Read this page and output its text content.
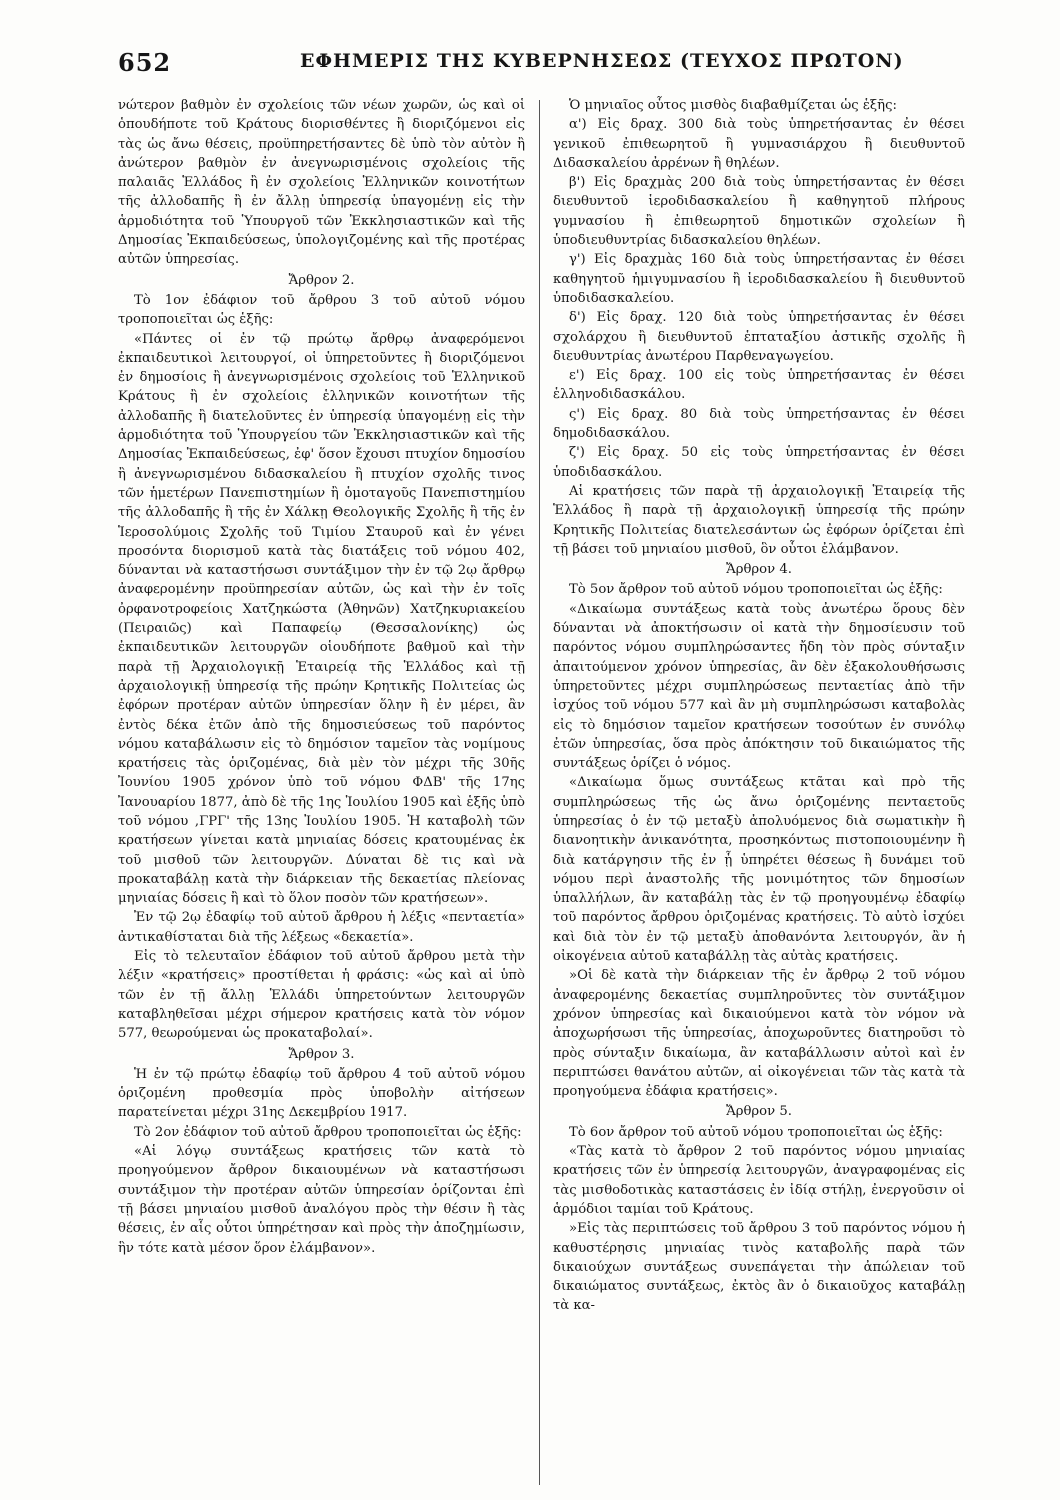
652	ΕΦΗΜΕΡΙΣ ΤΗΣ ΚΥΒΕΡΝΗΣΕΩΣ (ΤΕΥΧΟΣ ΠΡΩΤΟΝ)

νώτερον βαθμὸν ἐν σχολείοις τῶν νέων χωρῶν, ὡς καὶ οἱ ὁπουδήποτε τοῦ Κράτους διορισθέντες ἢ διοριζόμενοι εἰς τὰς ὡς ἄνω θέσεις, προϋπηρετήσαντες δὲ ὑπὸ τὸν αὐτὸν ἢ ἀνώτερον βαθμὸν ἐν ἀνεγνωρισμένοις σχολείοις τῆς παλαιᾶς Ἑλλάδος ἢ ἐν σχολείοις Ἑλληνικῶν κοινοτήτων τῆς ἀλλοδαπῆς ἢ ἐν ἄλλῃ ὑπηρεσίᾳ ὑπαγομένῃ εἰς τὴν ἁρμοδιότητα τοῦ Ὑπουργοῦ τῶν Ἐκκλησιαστικῶν καὶ τῆς Δημοσίας Ἐκπαιδεύσεως, ὑπολογιζομένης καὶ τῆς προτέρας αὐτῶν ὑπηρεσίας.

Ἄρθρον 2.

Τὸ 1ον ἐδάφιον τοῦ ἄρθρου 3 τοῦ αὐτοῦ νόμου τροποποιεῖται ὡς ἑξῆς:

«Πάντες οἱ ἐν τῷ πρώτῳ ἄρθρῳ ἀναφερόμενοι ἐκπαιδευτικοὶ λειτουργοί, οἱ ὑπηρετοῦντες ἢ διοριζόμενοι ἐν δημοσίοις ἢ ἀνεγνωρισμένοις σχολείοις τοῦ Ἑλληνικοῦ Κράτους ἢ ἐν σχολείοις ἑλληνικῶν κοινοτήτων τῆς ἀλλοδαπῆς ἢ διατελοῦντες ἐν ὑπηρεσίᾳ ὑπαγομένῃ εἰς τὴν ἁρμοδιότητα τοῦ Ὑπουργείου τῶν Ἐκκλησιαστικῶν καὶ τῆς Δημοσίας Ἐκπαιδεύσεως, ἐφ' ὅσον ἔχουσι πτυχίον δημοσίου ἢ ἀνεγνωρισμένου διδασκαλείου ἢ πτυχίον σχολῆς τινος τῶν ἡμετέρων Πανεπιστημίων ἢ ὁμοταγοῦς Πανεπιστημίου τῆς ἀλλοδαπῆς ἢ τῆς ἐν Χάλκῃ Θεολογικῆς Σχολῆς ἢ τῆς ἐν Ἱεροσολύμοις Σχολῆς τοῦ Τιμίου Σταυροῦ καὶ ἐν γένει προσόντα διορισμοῦ κατὰ τὰς διατάξεις τοῦ νόμου 402, δύνανται νὰ καταστήσωσι συντάξιμον τὴν ἐν τῷ 2ῳ ἄρθρῳ ἀναφερομένην προϋπηρεσίαν αὐτῶν, ὡς καὶ τὴν ἐν τοῖς ὀρφανοτροφείοις Χατζηκώστα (Ἀθηνῶν) Χατζηκυριακείου (Πειραιῶς) καὶ Παπαφείῳ (Θεσσαλονίκης) ὡς ἐκπαιδευτικῶν λειτουργῶν οἱουδήποτε βαθμοῦ καὶ τὴν παρὰ τῇ Ἀρχαιολογικῇ Ἑταιρείᾳ τῆς Ἑλλάδος καὶ τῇ ἀρχαιολογικῇ ὑπηρεσίᾳ τῆς πρώην Κρητικῆς Πολιτείας ὡς ἐφόρων προτέραν αὐτῶν ὑπηρεσίαν ὅλην ἢ ἐν μέρει, ἂν ἐντὸς δέκα ἐτῶν ἀπὸ τῆς δημοσιεύσεως τοῦ παρόντος νόμου καταβάλωσιν εἰς τὸ δημόσιον ταμεῖον τὰς νομίμους κρατήσεις τὰς ὁριζομένας, διὰ μὲν τὸν μέχρι τῆς 30ῆς Ἰουνίου 1905 χρόνον ὑπὸ τοῦ νόμου ΦΔΒ' τῆς 17ης Ἰανουαρίου 1877, ἀπὸ δὲ τῆς 1ης Ἰουλίου 1905 καὶ ἑξῆς ὑπὸ τοῦ νόμου ,ΓΡΓ' τῆς 13ης Ἰουλίου 1905. Ἡ καταβολὴ τῶν κρατήσεων γίνεται κατὰ μηνιαίας δόσεις κρατουμένας ἐκ τοῦ μισθοῦ τῶν λειτουργῶν. Δύναται δὲ τις καὶ νὰ προκαταβάλῃ κατὰ τὴν διάρκειαν τῆς δεκαετίας πλείονας μηνιαίας δόσεις ἢ καὶ τὸ ὅλον ποσὸν τῶν κρατήσεων».

Ἐν τῷ 2ῳ ἐδαφίῳ τοῦ αὐτοῦ ἄρθρου ἡ λέξις «πενταετία» ἀντικαθίσταται διὰ τῆς λέξεως «δεκαετία».

Εἰς τὸ τελευταῖον ἐδάφιον τοῦ αὐτοῦ ἄρθρου μετὰ τὴν λέξιν «κρατήσεις» προστίθεται ἡ φράσις: «ὡς καὶ αἱ ὑπὸ τῶν ἐν τῇ ἄλλῃ Ἑλλάδι ὑπηρετούντων λειτουργῶν καταβληθεῖσαι μέχρι σήμερον κρατήσεις κατὰ τὸν νόμον 577, θεωρούμεναι ὡς προκαταβολαί».

Ἄρθρον 3.

Ἡ ἐν τῷ πρώτῳ ἐδαφίῳ τοῦ ἄρθρου 4 τοῦ αὐτοῦ νόμου ὁριζομένη προθεσμία πρὸς ὑποβολὴν αἰτήσεων παρατείνεται μέχρι 31ης Δεκεμβρίου 1917.

Τὸ 2ον ἐδάφιον τοῦ αὐτοῦ ἄρθρου τροποποιεῖται ὡς ἑξῆς:

«Αἱ λόγῳ συντάξεως κρατήσεις τῶν κατὰ τὸ προηγούμενον ἄρθρον δικαιουμένων νὰ καταστήσωσι συντάξιμον τὴν προτέραν αὐτῶν ὑπηρεσίαν ὁρίζονται ἐπὶ τῇ βάσει μηνιαίου μισθοῦ ἀναλόγου πρὸς τὴν θέσιν ἢ τὰς θέσεις, ἐν αἷς οὗτοι ὑπηρέτησαν καὶ πρὸς τὴν ἀποζημίωσιν, ἣν τότε κατὰ μέσον ὅρον ἐλάμβανον».

Ὁ μηνιαῖος οὗτος μισθὸς διαβαθμίζεται ὡς ἑξῆς:

α') Εἰς δραχ. 300 διὰ τοὺς ὑπηρετήσαντας ἐν θέσει γενικοῦ ἐπιθεωρητοῦ ἢ γυμνασιάρχου ἢ διευθυντοῦ Διδασκαλείου ἀρρένων ἢ θηλέων.

β') Εἰς δραχμὰς 200 διὰ τοὺς ὑπηρετήσαντας ἐν θέσει διευθυντοῦ ἱεροδιδασκαλείου ἢ καθηγητοῦ πλήρους γυμνασίου ἢ ἐπιθεωρητοῦ δημοτικῶν σχολείων ἢ ὑποδιευθυντρίας διδασκαλείου θηλέων.

γ') Εἰς δραχμὰς 160 διὰ τοὺς ὑπηρετήσαντας ἐν θέσει καθηγητοῦ ἡμιγυμνασίου ἢ ἱεροδιδασκαλείου ἢ διευθυντοῦ ὑποδιδασκαλείου.

δ') Εἰς δραχ. 120 διὰ τοὺς ὑπηρετήσαντας ἐν θέσει σχολάρχου ἢ διευθυντοῦ ἑπταταξίου ἀστικῆς σχολῆς ἢ διευθυντρίας ἀνωτέρου Παρθεναγωγείου.

ε') Εἰς δραχ. 100 εἰς τοὺς ὑπηρετήσαντας ἐν θέσει ἑλληνοδιδασκάλου.

ς') Εἰς δραχ. 80 διὰ τοὺς ὑπηρετήσαντας ἐν θέσει δημοδιδασκάλου.

ζ') Εἰς δραχ. 50 εἰς τοὺς ὑπηρετήσαντας ἐν θέσει ὑποδιδασκάλου.

Αἱ κρατήσεις τῶν παρὰ τῇ ἀρχαιολογικῇ Ἑταιρείᾳ τῆς Ἑλλάδος ἢ παρὰ τῇ ἀρχαιολογικῇ ὑπηρεσίᾳ τῆς πρώην Κρητικῆς Πολιτείας διατελεσάντων ὡς ἐφόρων ὁρίζεται ἐπὶ τῇ βάσει τοῦ μηνιαίου μισθοῦ, ὃν οὗτοι ἐλάμβανον.

Ἄρθρον 4.

Τὸ 5ον ἄρθρον τοῦ αὐτοῦ νόμου τροποποιεῖται ὡς ἑξῆς:

«Δικαίωμα συντάξεως κατὰ τοὺς ἀνωτέρω ὅρους δὲν δύνανται νὰ ἀποκτήσωσιν οἱ κατὰ τὴν δημοσίευσιν τοῦ παρόντος νόμου συμπληρώσαντες ἤδη τὸν πρὸς σύνταξιν ἀπαιτούμενον χρόνον ὑπηρεσίας, ἂν δὲν ἐξακολουθήσωσις ὑπηρετοῦντες μέχρι συμπληρώσεως πενταετίας ἀπὸ τῆν ἰσχύος τοῦ νόμου 577 καὶ ἂν μὴ συμπληρώσωσι καταβολὰς εἰς τὸ δημόσιον ταμεῖον κρατήσεων τοσούτων ἐν συνόλῳ ἐτῶν ὑπηρεσίας, ὅσα πρὸς ἀπόκτησιν τοῦ δικαιώματος τῆς συντάξεως ὁρίζει ὁ νόμος.

«Δικαίωμα ὅμως συντάξεως κτᾶται καὶ πρὸ τῆς συμπληρώσεως τῆς ὡς ἄνω ὁριζομένης πενταετοῦς ὑπηρεσίας ὁ ἐν τῷ μεταξὺ ἀπολυόμενος διὰ σωματικὴν ἢ διανοητικὴν ἀνικανότητα, προσηκόντως πιστοποιουμένην ἢ διὰ κατάργησιν τῆς ἐν ᾗ ὑπηρέτει θέσεως ἢ δυνάμει τοῦ νόμου περὶ ἀναστολῆς τῆς μονιμότητος τῶν δημοσίων ὑπαλλήλων, ἂν καταβάλῃ τὰς ἐν τῷ προηγουμένῳ ἐδαφίῳ τοῦ παρόντος ἄρθρου ὁριζομένας κρατήσεις. Τὸ αὐτὸ ἰσχύει καὶ διὰ τὸν ἐν τῷ μεταξὺ ἀποθανόντα λειτουργόν, ἂν ἡ οἰκογένεια αὐτοῦ καταβάλλῃ τὰς αὐτὰς κρατήσεις.

»Οἱ δὲ κατὰ τὴν διάρκειαν τῆς ἐν ἄρθρῳ 2 τοῦ νόμου ἀναφερομένης δεκαετίας συμπληροῦντες τὸν συντάξιμον χρόνον ὑπηρεσίας καὶ δικαιούμενοι κατὰ τὸν νόμον νὰ ἀποχωρήσωσι τῆς ὑπηρεσίας, ἀποχωροῦντες διατηροῦσι τὸ πρὸς σύνταξιν δικαίωμα, ἂν καταβάλλωσιν αὐτοὶ καὶ ἐν περιπτώσει θανάτου αὐτῶν, αἱ οἰκογένειαι τῶν τὰς κατὰ τὰ προηγούμενα ἐδάφια κρατήσεις».

Ἄρθρον 5.

Τὸ 6ον ἄρθρον τοῦ αὐτοῦ νόμου τροποποιεῖται ὡς ἑξῆς:

«Τὰς κατὰ τὸ ἄρθρον 2 τοῦ παρόντος νόμου μηνιαίας κρατήσεις τῶν ἐν ὑπηρεσίᾳ λειτουργῶν, ἀναγραφομένας εἰς τὰς μισθοδοτικὰς καταστάσεις ἐν ἰδίᾳ στήλῃ, ἐνεργοῦσιν οἱ ἁρμόδιοι ταμίαι τοῦ Κράτους.

»Εἰς τὰς περιπτώσεις τοῦ ἄρθρου 3 τοῦ παρόντος νόμου ἡ καθυστέρησις μηνιαίας τινὸς καταβολῆς παρὰ τῶν δικαιούχων συντάξεως συνεπάγεται τὴν ἀπώλειαν τοῦ δικαιώματος συντάξεως, ἐκτὸς ἂν ὁ δικαιοῦχος καταβάλῃ τὰ κα-
